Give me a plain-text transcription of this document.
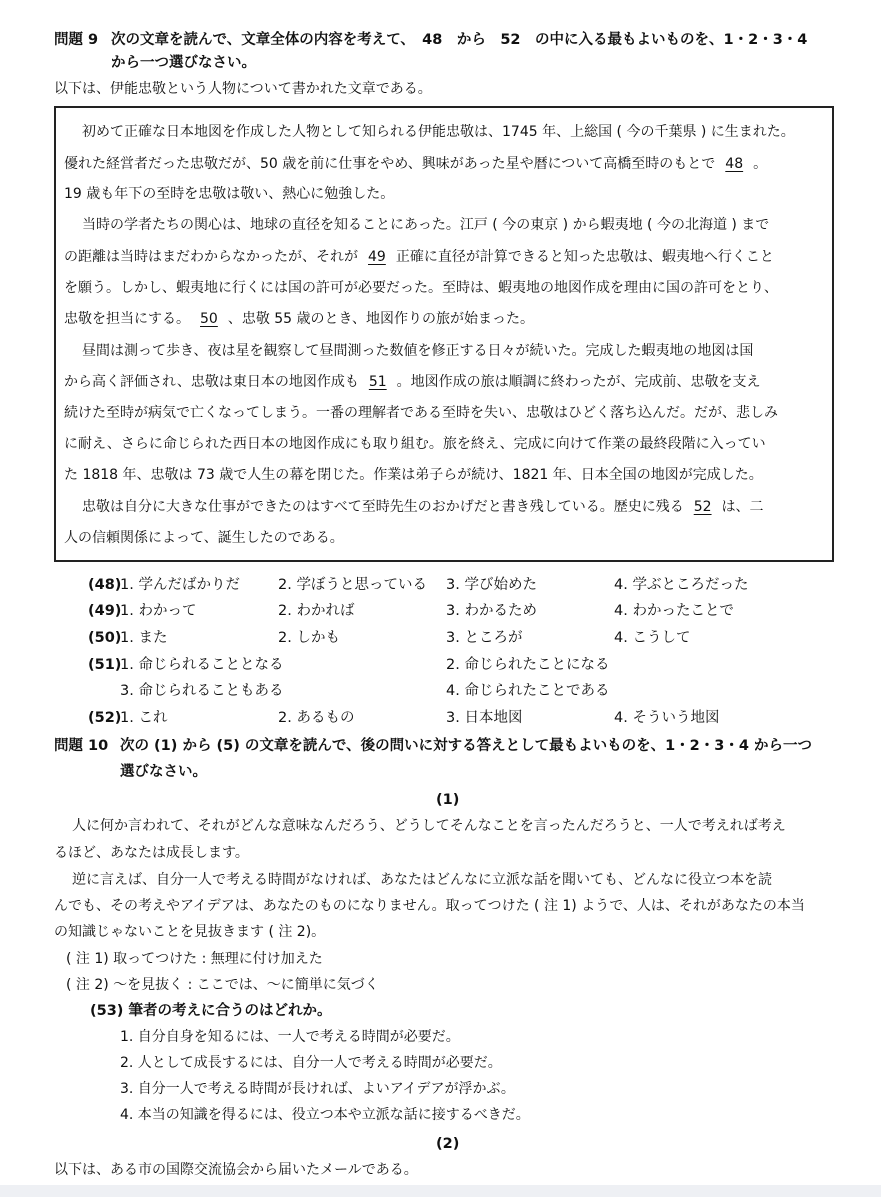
問題 9 次の文章を読んで、文章全体の内容を考えて、　48　から　52　の中に入る最もよいものを、1・2・3・4
から一つ選びなさい。
以下は、伊能忠敬という人物について書かれた文章である。
初めて正確な日本地図を作成した人物として知られる伊能忠敬は、1745 年、上総国 ( 今の千葉県 ) に生まれた。
優れた経営者だった忠敬だが、50 歳を前に仕事をやめ、興味があった星や暦について高橋至時のもとで 48 。
19 歳も年下の至時を忠敬は敬い、熱心に勉強した。
当時の学者たちの関心は、地球の直径を知ることにあった。江戸 ( 今の東京 ) から蝦夷地 ( 今の北海道 ) まで
の距離は当時はまだわからなかったが、それが 49 正確に直径が計算できると知った忠敬は、蝦夷地へ行くこと
を願う。しかし、蝦夷地に行くには国の許可が必要だった。至時は、蝦夷地の地図作成を理由に国の許可をとり、
忠敬を担当にする。 50 、忠敬 55 歳のとき、地図作りの旅が始まった。
昼間は測って歩き、夜は星を観察して昼間測った数値を修正する日々が続いた。完成した蝦夷地の地図は国
から高く評価され、忠敬は東日本の地図作成も 51 。地図作成の旅は順調に終わったが、完成前、忠敬を支え
続けた至時が病気で亡くなってしまう。一番の理解者である至時を失い、忠敬はひどく落ち込んだ。だが、悲しみ
に耐え、さらに命じられた西日本の地図作成にも取り組む。旅を終え、完成に向けて作業の最終段階に入ってい
た 1818 年、忠敬は 73 歳で人生の幕を閉じた。作業は弟子らが続け、1821 年、日本全国の地図が完成した。
忠敬は自分に大きな仕事ができたのはすべて至時先生のおかげだと書き残している。歴史に残る 52 は、二
人の信頼関係によって、誕生したのである。
(48)
1. 学んだばかりだ	2. 学ぼうと思っている 3. 学び始めた	4. 学ぶところだった
(49)
1. わかって	2. わかれば	3. わかるため	4. わかったことで
(50)
1. また	2. しかも	3. ところが	4. こうして
(51)
1. 命じられることとなる	2. 命じられたことになる
3. 命じられることもある	4. 命じられたことである
(52)
1. これ	2. あるもの	3. 日本地図	4. そういう地図
問題 10 次の (1) から (5) の文章を読んで、後の問いに対する答えとして最もよいものを、1・2・3・4 から一つ
選びなさい。
(1)
人に何か言われて、それがどんな意味なんだろう、どうしてそんなことを言ったんだろうと、一人で考えれば考え
るほど、あなたは成長します。
逆に言えば、自分一人で考える時間がなければ、あなたはどんなに立派な話を聞いても、どんなに役立つ本を読
んでも、その考えやアイデアは、あなたのものになりません。取ってつけた ( 注 1) ようで、人は、それがあなたの本当
の知識じゃないことを見抜きます ( 注 2)。
( 注 1) 取ってつけた : 無理に付け加えた
( 注 2) ～を見抜く : ここでは、～に簡単に気づく
(53) 筆者の考えに合うのはどれか。
1. 自分自身を知るには、一人で考える時間が必要だ。
2. 人として成長するには、自分一人で考える時間が必要だ。
3. 自分一人で考える時間が長ければ、よいアイデアが浮かぶ。
4. 本当の知識を得るには、役立つ本や立派な話に接するべきだ。
(2)
以下は、ある市の国際交流協会から届いたメールである。
